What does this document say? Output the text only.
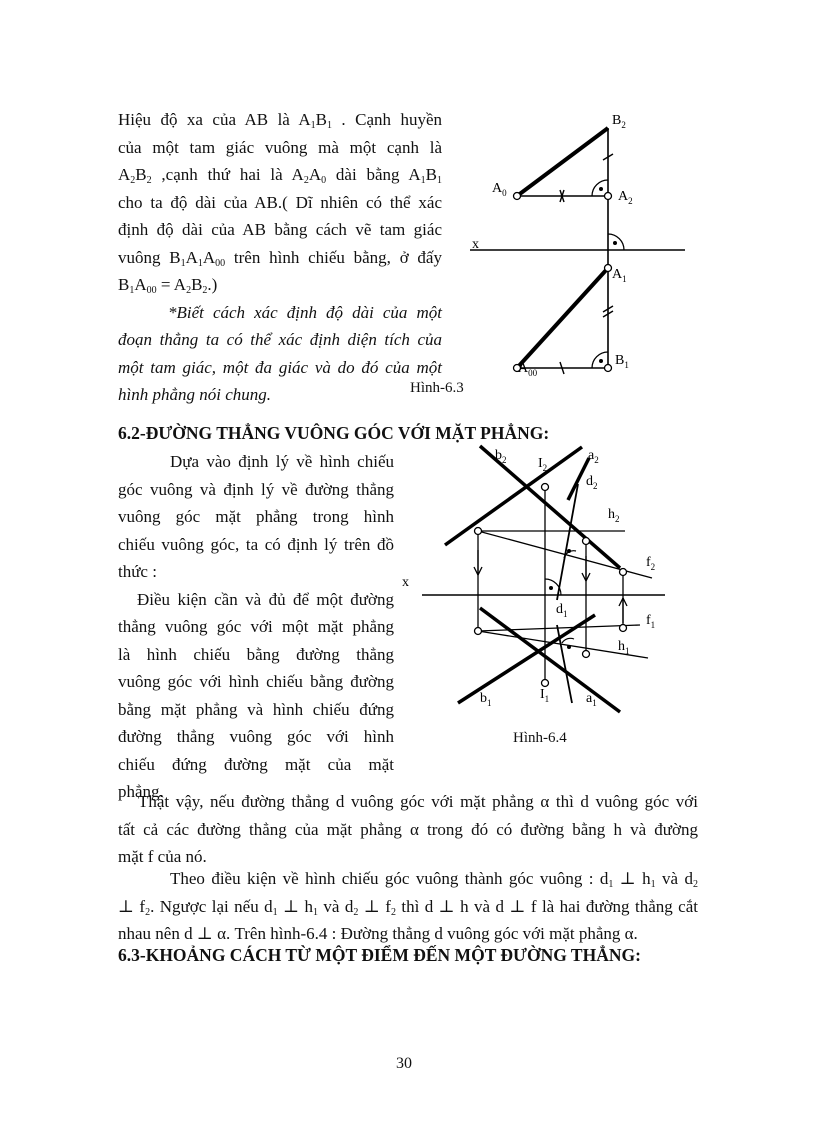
Hiệu độ xa của AB là $A_1B_1$ . Cạnh huyền
của một tam giác vuông mà một cạnh là
$A_2B_2$ ,cạnh thứ hai là $A_2A_0$ dài bằng $A_1B_1$
cho ta độ dài của AB.( Dĩ nhiên có thể xác
định độ dài của AB bằng cách vẽ tam giác
vuông $B_1A_1A_{00}$ trên hình chiếu bằng, ở đấy
$B_1A_{00} = A_2B_2$.)
*Biết cách xác định độ dài của một
đoạn thẳng ta có thể xác định diện tích của
một tam giác, một đa giác và do đó của một
hình phẳng nói chung.
$B_2$
$A_0$	$A_2$
x
$A_1$
$A_{00}$
$B_1$
Hình-6.3
6.2-ĐƯỜNG THẲNG VUÔNG GÓC VỚI MẶT PHẲNG:
Dựa vào định lý về hình chiếu
góc vuông và định lý về đường thẳng
vuông góc mặt phẳng trong hình
chiếu vuông góc, ta có định lý trên đồ
thức :
Điều kiện cần và đủ để một đường
thẳng vuông góc với một mặt phẳng
là hình chiếu bằng đường thẳng
vuông góc với hình chiếu bằng đường
bằng mặt phẳng và hình chiếu đứng
đường thẳng vuông góc với hình
chiếu đứng đường mặt của mặt
phẳng.
$b_2$ $I_2$
$a_2$
$d_2$
$h_2$
$f_2$
x
$d_1$	$f_1$
$h_1$
$b_1$
$I_1$	$a_1$
Hình-6.4
Thật vậy, nếu đường thẳng d vuông góc với mặt phẳng α thì d vuông góc với
tất cả các đường thẳng của mặt phẳng α trong đó có đường bằng h và đường
mặt f của nó.
Theo điều kiện về hình chiếu góc vuông thành góc vuông : $d_1$ ⊥ $h_1$ và $d_2$
⊥ $f_2$. Ngược lại nếu $d_1$ ⊥ $h_1$ và $d_2$ ⊥ $f_2$ thì d ⊥ h và d ⊥ f là hai đường thẳng cắt
nhau nên d ⊥ α. Trên hình-6.4 : Đường thẳng d vuông góc với mặt phẳng α.
6.3-KHOẢNG CÁCH TỪ MỘT ĐIỂM ĐẾN MỘT ĐƯỜNG THẲNG:
30
